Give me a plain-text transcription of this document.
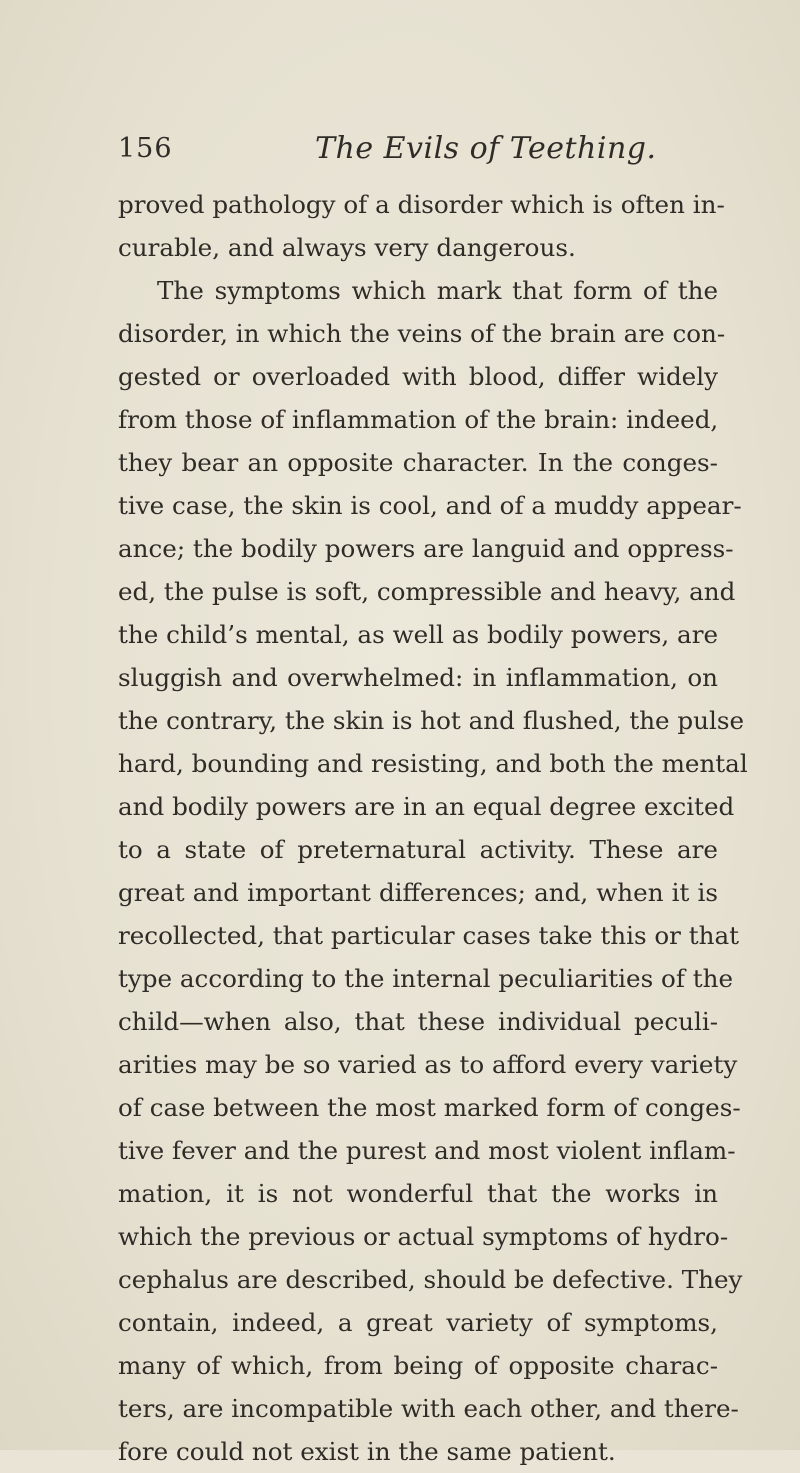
156	The Evils of Teething.
proved pathology of a disorder which is often in-
curable, and always very dangerous.
The symptoms which mark that form of the
disorder, in which the veins of the brain are con-
gested or overloaded with blood, differ widely
from those of inflammation of the brain: indeed,
they bear an opposite character. In the conges-
tive case, the skin is cool, and of a muddy appear-
ance; the bodily powers are languid and oppress-
ed, the pulse is soft, compressible and heavy, and
the child’s mental, as well as bodily powers, are
sluggish and overwhelmed: in inflammation, on
the contrary, the skin is hot and flushed, the pulse
hard, bounding and resisting, and both the mental
and bodily powers are in an equal degree excited
to a state of preternatural activity. These are
great and important differences; and, when it is
recollected, that particular cases take this or that
type according to the internal peculiarities of the
child—when also, that these individual peculi-
arities may be so varied as to afford every variety
of case between the most marked form of conges-
tive fever and the purest and most violent inflam-
mation, it is not wonderful that the works in
which the previous or actual symptoms of hydro-
cephalus are described, should be defective. They
contain, indeed, a great variety of symptoms,
many of which, from being of opposite charac-
ters, are incompatible with each other, and there-
fore could not exist in the same patient.
